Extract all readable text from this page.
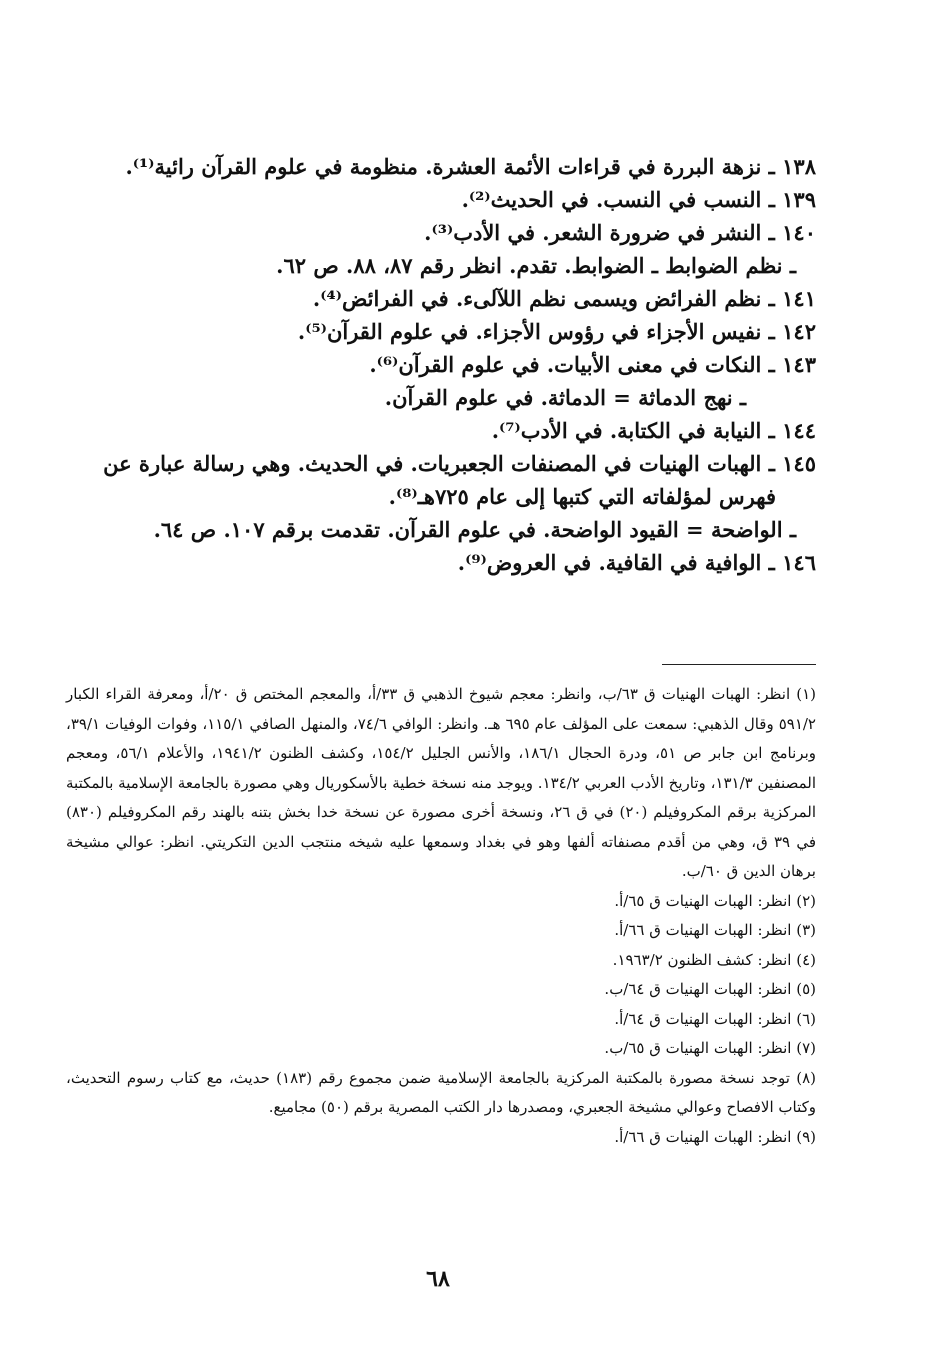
١٣٨ ـ نزهة البررة في قراءات الأئمة العشرة. منظومة في علوم القرآن رائية⁽¹⁾.

١٣٩ ـ النسب في النسب. في الحديث⁽²⁾.

١٤٠ ـ النشر في ضرورة الشعر. في الأدب⁽³⁾.

ـ نظم الضوابط ـ الضوابط. تقدم. انظر رقم ٨٧، ٨٨. ص ٦٢.

١٤١ ـ نظم الفرائض ويسمى نظم اللآلىء. في الفرائض⁽⁴⁾.

١٤٢ ـ نفيس الأجزاء في رؤوس الأجزاء. في علوم القرآن⁽⁵⁾.

١٤٣ ـ النكات في معنى الأبيات. في علوم القرآن⁽⁶⁾.

ـ نهج الدماثة = الدماثة. في علوم القرآن.

١٤٤ ـ النيابة في الكتابة. في الأدب⁽⁷⁾.

١٤٥ ـ الهبات الهنيات في المصنفات الجعبريات. في الحديث. وهي رسالة عبارة عن

فهرس لمؤلفاته التي كتبها إلى عام ٧٢٥هـ⁽⁸⁾.

ـ الواضحة = القيود الواضحة. في علوم القرآن. تقدمت برقم ١٠٧. ص ٦٤.

١٤٦ ـ الوافية في القافية. في العروض⁽⁹⁾.

(١) انظر: الهبات الهنيات ق ٦٣/ب، وانظر: معجم شيوخ الذهبي ق ٣٣/أ، والمعجم المختص ق ٢٠/أ، ومعرفة القراء الكبار ٥٩١/٢ وقال الذهبي: سمعت على المؤلف عام ٦٩٥ هـ. وانظر: الوافي ٧٤/٦، والمنهل الصافي ١١٥/١، وفوات الوفيات ٣٩/١، وبرنامج ابن جابر ص ٥١، ودرة الحجال ١٨٦/١، والأنس الجليل ١٥٤/٢، وكشف الظنون ١٩٤١/٢، والأعلام ٥٦/١، ومعجم المصنفين ١٣١/٣، وتاريخ الأدب العربي ١٣٤/٢. ويوجد منه نسخة خطية بالأسكوريال وهي مصورة بالجامعة الإسلامية بالمكتبة المركزية برقم المكروفيلم (٢٠) في ق ٢٦، ونسخة أخرى مصورة عن نسخة خدا بخش بتنه بالهند رقم المكروفيلم (٨٣٠) في ٣٩ ق، وهي من أقدم مصنفاته ألفها وهو في بغداد وسمعها عليه شيخه منتجب الدين التكريتي. انظر: عوالي مشيخة برهان الدين ق ٦٠/ب.

(٢) انظر: الهبات الهنيات ق ٦٥/أ.

(٣) انظر: الهبات الهنيات ق ٦٦/أ.

(٤) انظر: كشف الظنون ١٩٦٣/٢.

(٥) انظر: الهبات الهنيات ق ٦٤/ب.

(٦) انظر: الهبات الهنيات ق ٦٤/أ.

(٧) انظر: الهبات الهنيات ق ٦٥/ب.

(٨) توجد نسخة مصورة بالمكتبة المركزية بالجامعة الإسلامية ضمن مجموع رقم (١٨٣) حديث، مع كتاب رسوم التحديث، وكتاب الافصاح وعوالي مشيخة الجعبري، ومصدرها دار الكتب المصرية برقم (٥٠) مجاميع.

(٩) انظر: الهبات الهنيات ق ٦٦/أ.

٦٨
